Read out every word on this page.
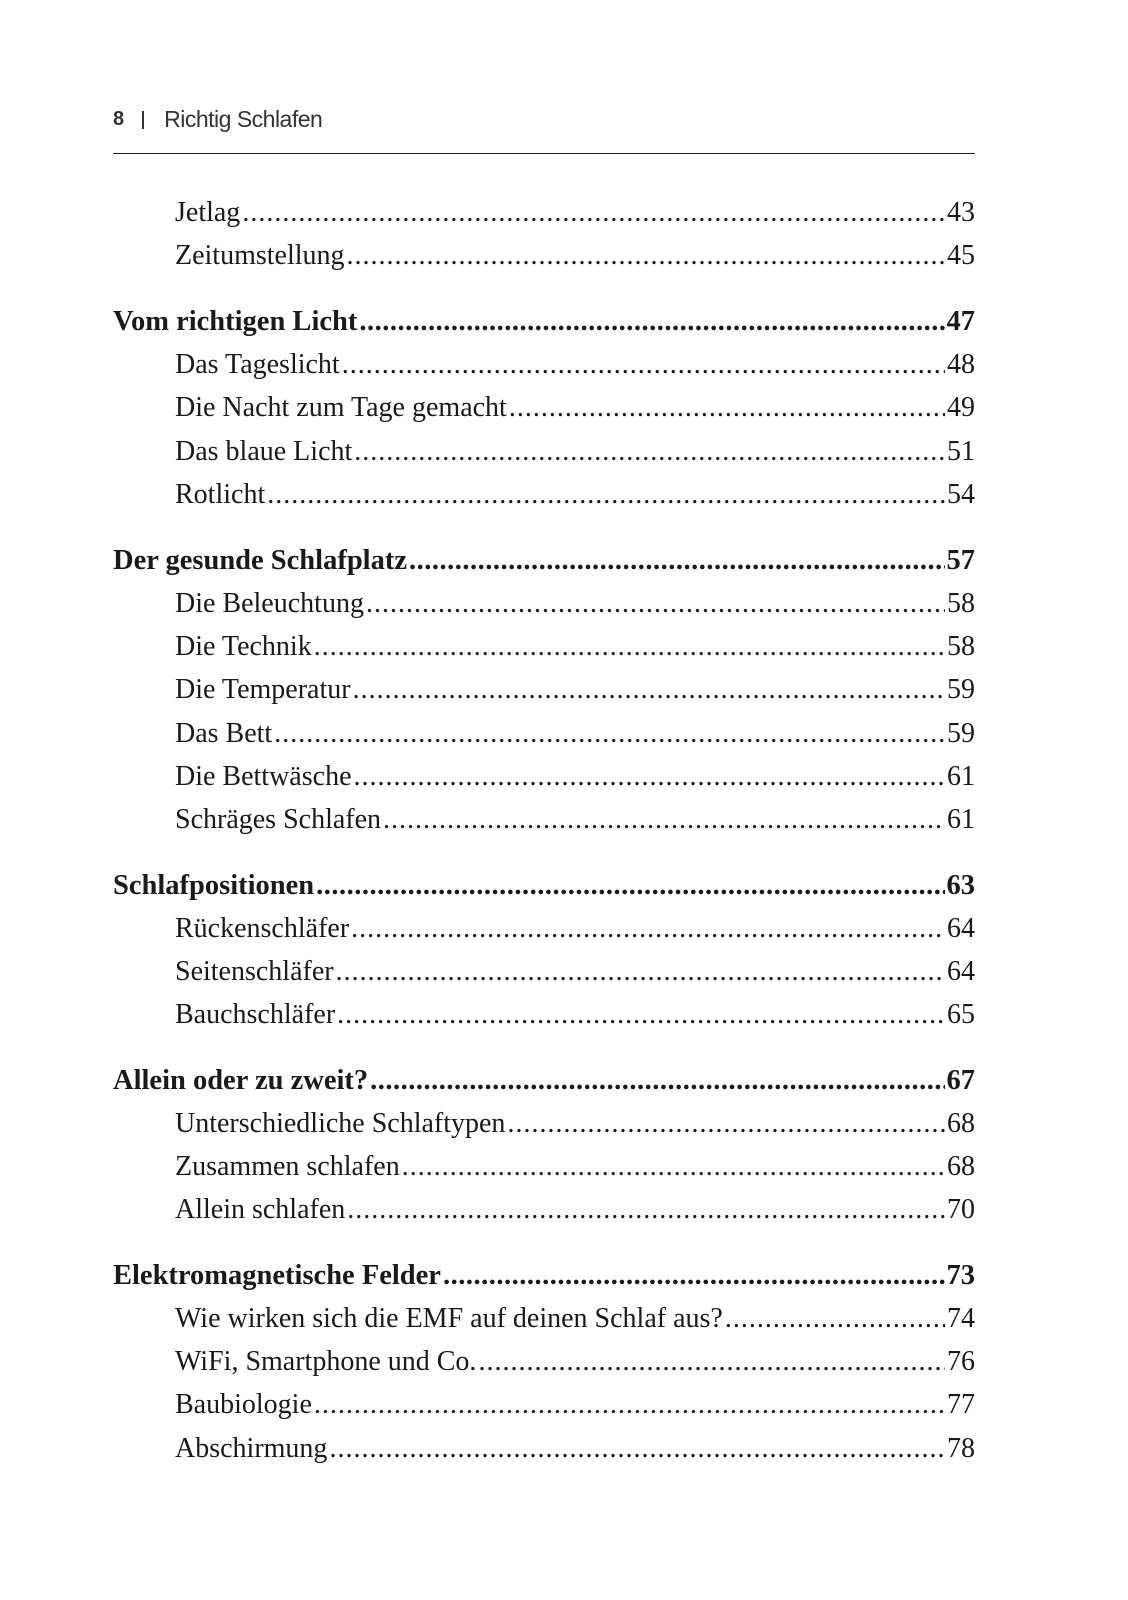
8 Richtig Schlafen
Jetlag .....	43
Zeitumstellung .....	45
Vom richtigen Licht .....	47
Das Tageslicht .....	48
Die Nacht zum Tage gemacht .....	49
Das blaue Licht .....	51
Rotlicht .....	54
Der gesunde Schlafplatz .....	57
Die Beleuchtung .....	58
Die Technik .....	58
Die Temperatur .....	59
Das Bett .....	59
Die Bettwäsche .....	61
Schräges Schlafen .....	61
Schlafpositionen .....	63
Rückenschläfer .....	64
Seitenschläfer .....	64
Bauchschläfer .....	65
Allein oder zu zweit? .....	67
Unterschiedliche Schlaftypen .....	68
Zusammen schlafen .....	68
Allein schlafen .....	70
Elektromagnetische Felder .....	73
Wie wirken sich die EMF auf deinen Schlaf aus? .....	74
WiFi, Smartphone und Co. .....	76
Baubiologie .....	77
Abschirmung .....	78
